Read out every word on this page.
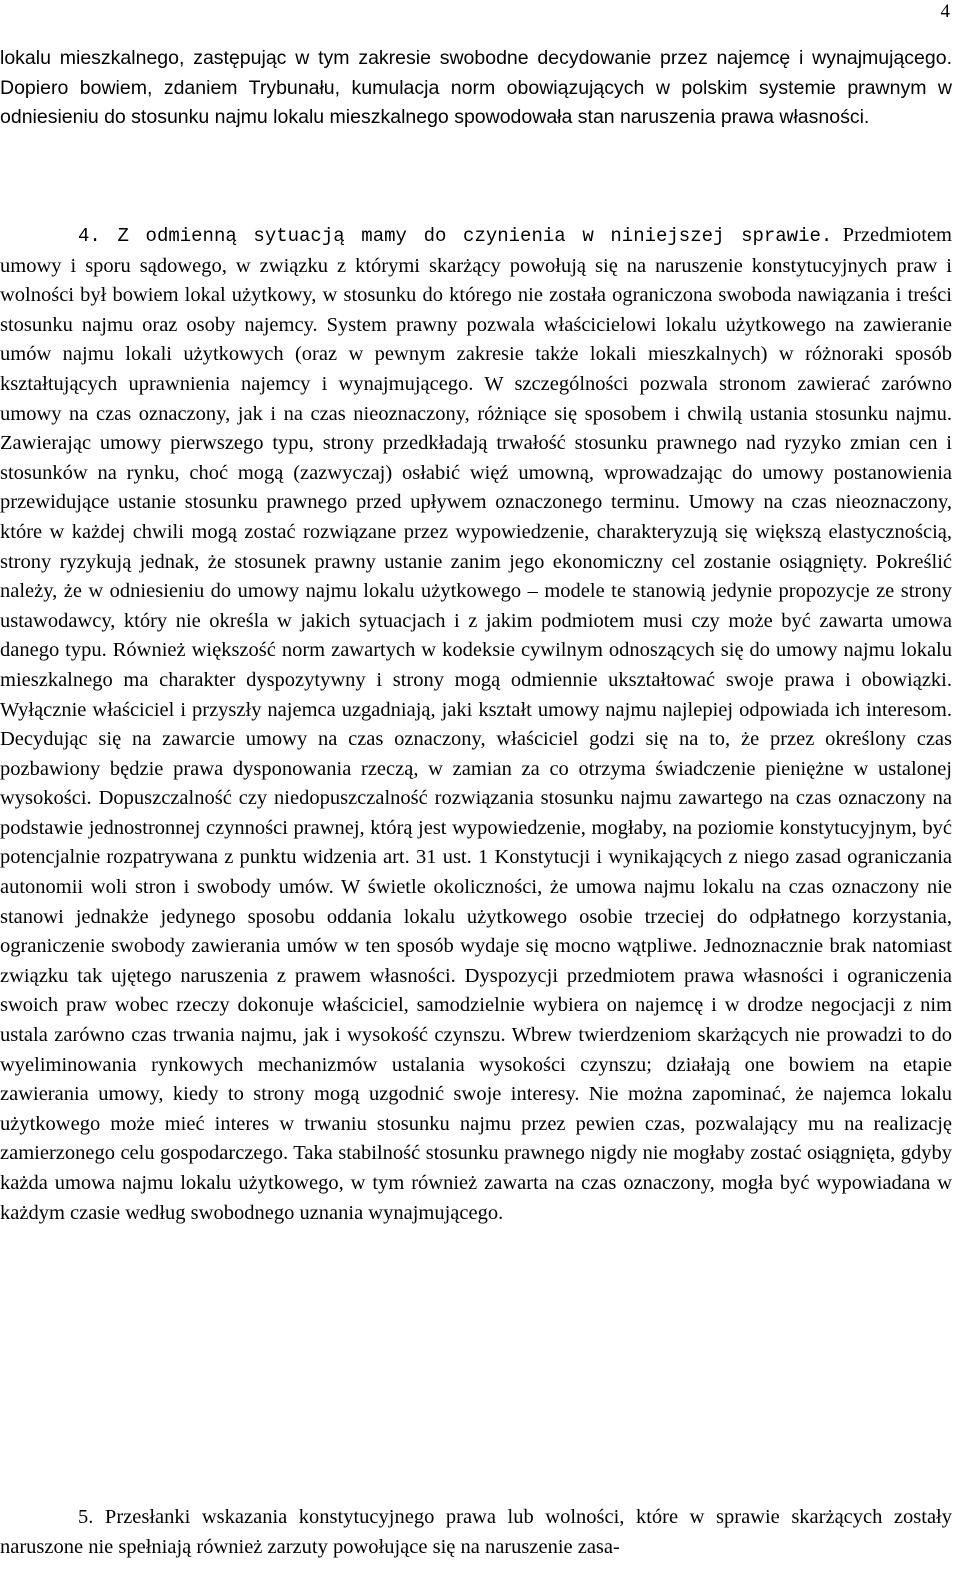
4

lokalu mieszkalnego, zastępując w tym zakresie swobodne decydowanie przez najemcę i wynajmującego. Dopiero bowiem, zdaniem Trybunału, kumulacja norm obowiązujących w polskim systemie prawnym w odniesieniu do stosunku najmu lokalu mieszkalnego spowodowała stan naruszenia prawa własności.

4. Z odmienną sytuacją mamy do czynienia w niniejszej sprawie. Przedmiotem umowy i sporu sądowego, w związku z którymi skarżący powołują się na naruszenie konstytucyjnych praw i wolności był bowiem lokal użytkowy, w stosunku do którego nie została ograniczona swoboda nawiązania i treści stosunku najmu oraz osoby najemcy. System prawny pozwala właścicielowi lokalu użytkowego na zawieranie umów najmu lokali użytkowych (oraz w pewnym zakresie także lokali mieszkalnych) w różnoraki sposób kształtujących uprawnienia najemcy i wynajmującego. W szczególności pozwala stronom zawierać zarówno umowy na czas oznaczony, jak i na czas nieoznaczony, różniące się sposobem i chwilą ustania stosunku najmu. Zawierając umowy pierwszego typu, strony przedkładają trwałość stosunku prawnego nad ryzyko zmian cen i stosunków na rynku, choć mogą (zazwyczaj) osłabić więź umowną, wprowadzając do umowy postanowienia przewidujące ustanie stosunku prawnego przed upływem oznaczonego terminu. Umowy na czas nieoznaczony, które w każdej chwili mogą zostać rozwiązane przez wypowiedzenie, charakteryzują się większą elastycznością, strony ryzykują jednak, że stosunek prawny ustanie zanim jego ekonomiczny cel zostanie osiągnięty. Pokreślić należy, że w odniesieniu do umowy najmu lokalu użytkowego – modele te stanowią jedynie propozycje ze strony ustawodawcy, który nie określa w jakich sytuacjach i z jakim podmiotem musi czy może być zawarta umowa danego typu. Również większość norm zawartych w kodeksie cywilnym odnoszących się do umowy najmu lokalu mieszkalnego ma charakter dyspozytywny i strony mogą odmiennie ukształtować swoje prawa i obowiązki. Wyłącznie właściciel i przyszły najemca uzgadniają, jaki kształt umowy najmu najlepiej odpowiada ich interesom. Decydując się na zawarcie umowy na czas oznaczony, właściciel godzi się na to, że przez określony czas pozbawiony będzie prawa dysponowania rzeczą, w zamian za co otrzyma świadczenie pieniężne w ustalonej wysokości. Dopuszczalność czy niedopuszczalność rozwiązania stosunku najmu zawartego na czas oznaczony na podstawie jednostronnej czynności prawnej, którą jest wypowiedzenie, mogłaby, na poziomie konstytucyjnym, być potencjalnie rozpatrywana z punktu widzenia art. 31 ust. 1 Konstytucji i wynikających z niego zasad ograniczania autonomii woli stron i swobody umów. W świetle okoliczności, że umowa najmu lokalu na czas oznaczony nie stanowi jednakże jedynego sposobu oddania lokalu użytkowego osobie trzeciej do odpłatnego korzystania, ograniczenie swobody zawierania umów w ten sposób wydaje się mocno wątpliwe. Jednoznacznie brak natomiast związku tak ujętego naruszenia z prawem własności. Dyspozycji przedmiotem prawa własności i ograniczenia swoich praw wobec rzeczy dokonuje właściciel, samodzielnie wybiera on najemcę i w drodze negocjacji z nim ustala zarówno czas trwania najmu, jak i wysokość czynszu. Wbrew twierdzeniom skarżących nie prowadzi to do wyeliminowania rynkowych mechanizmów ustalania wysokości czynszu; działają one bowiem na etapie zawierania umowy, kiedy to strony mogą uzgodnić swoje interesy. Nie można zapominać, że najemca lokalu użytkowego może mieć interes w trwaniu stosunku najmu przez pewien czas, pozwalający mu na realizację zamierzonego celu gospodarczego. Taka stabilność stosunku prawnego nigdy nie mogłaby zostać osiągnięta, gdyby każda umowa najmu lokalu użytkowego, w tym również zawarta na czas oznaczony, mogła być wypowiadana w każdym czasie według swobodnego uznania wynajmującego.

5. Przesłanki wskazania konstytucyjnego prawa lub wolności, które w sprawie skarżących zostały naruszone nie spełniają również zarzuty powołujące się na naruszenie zasa-
